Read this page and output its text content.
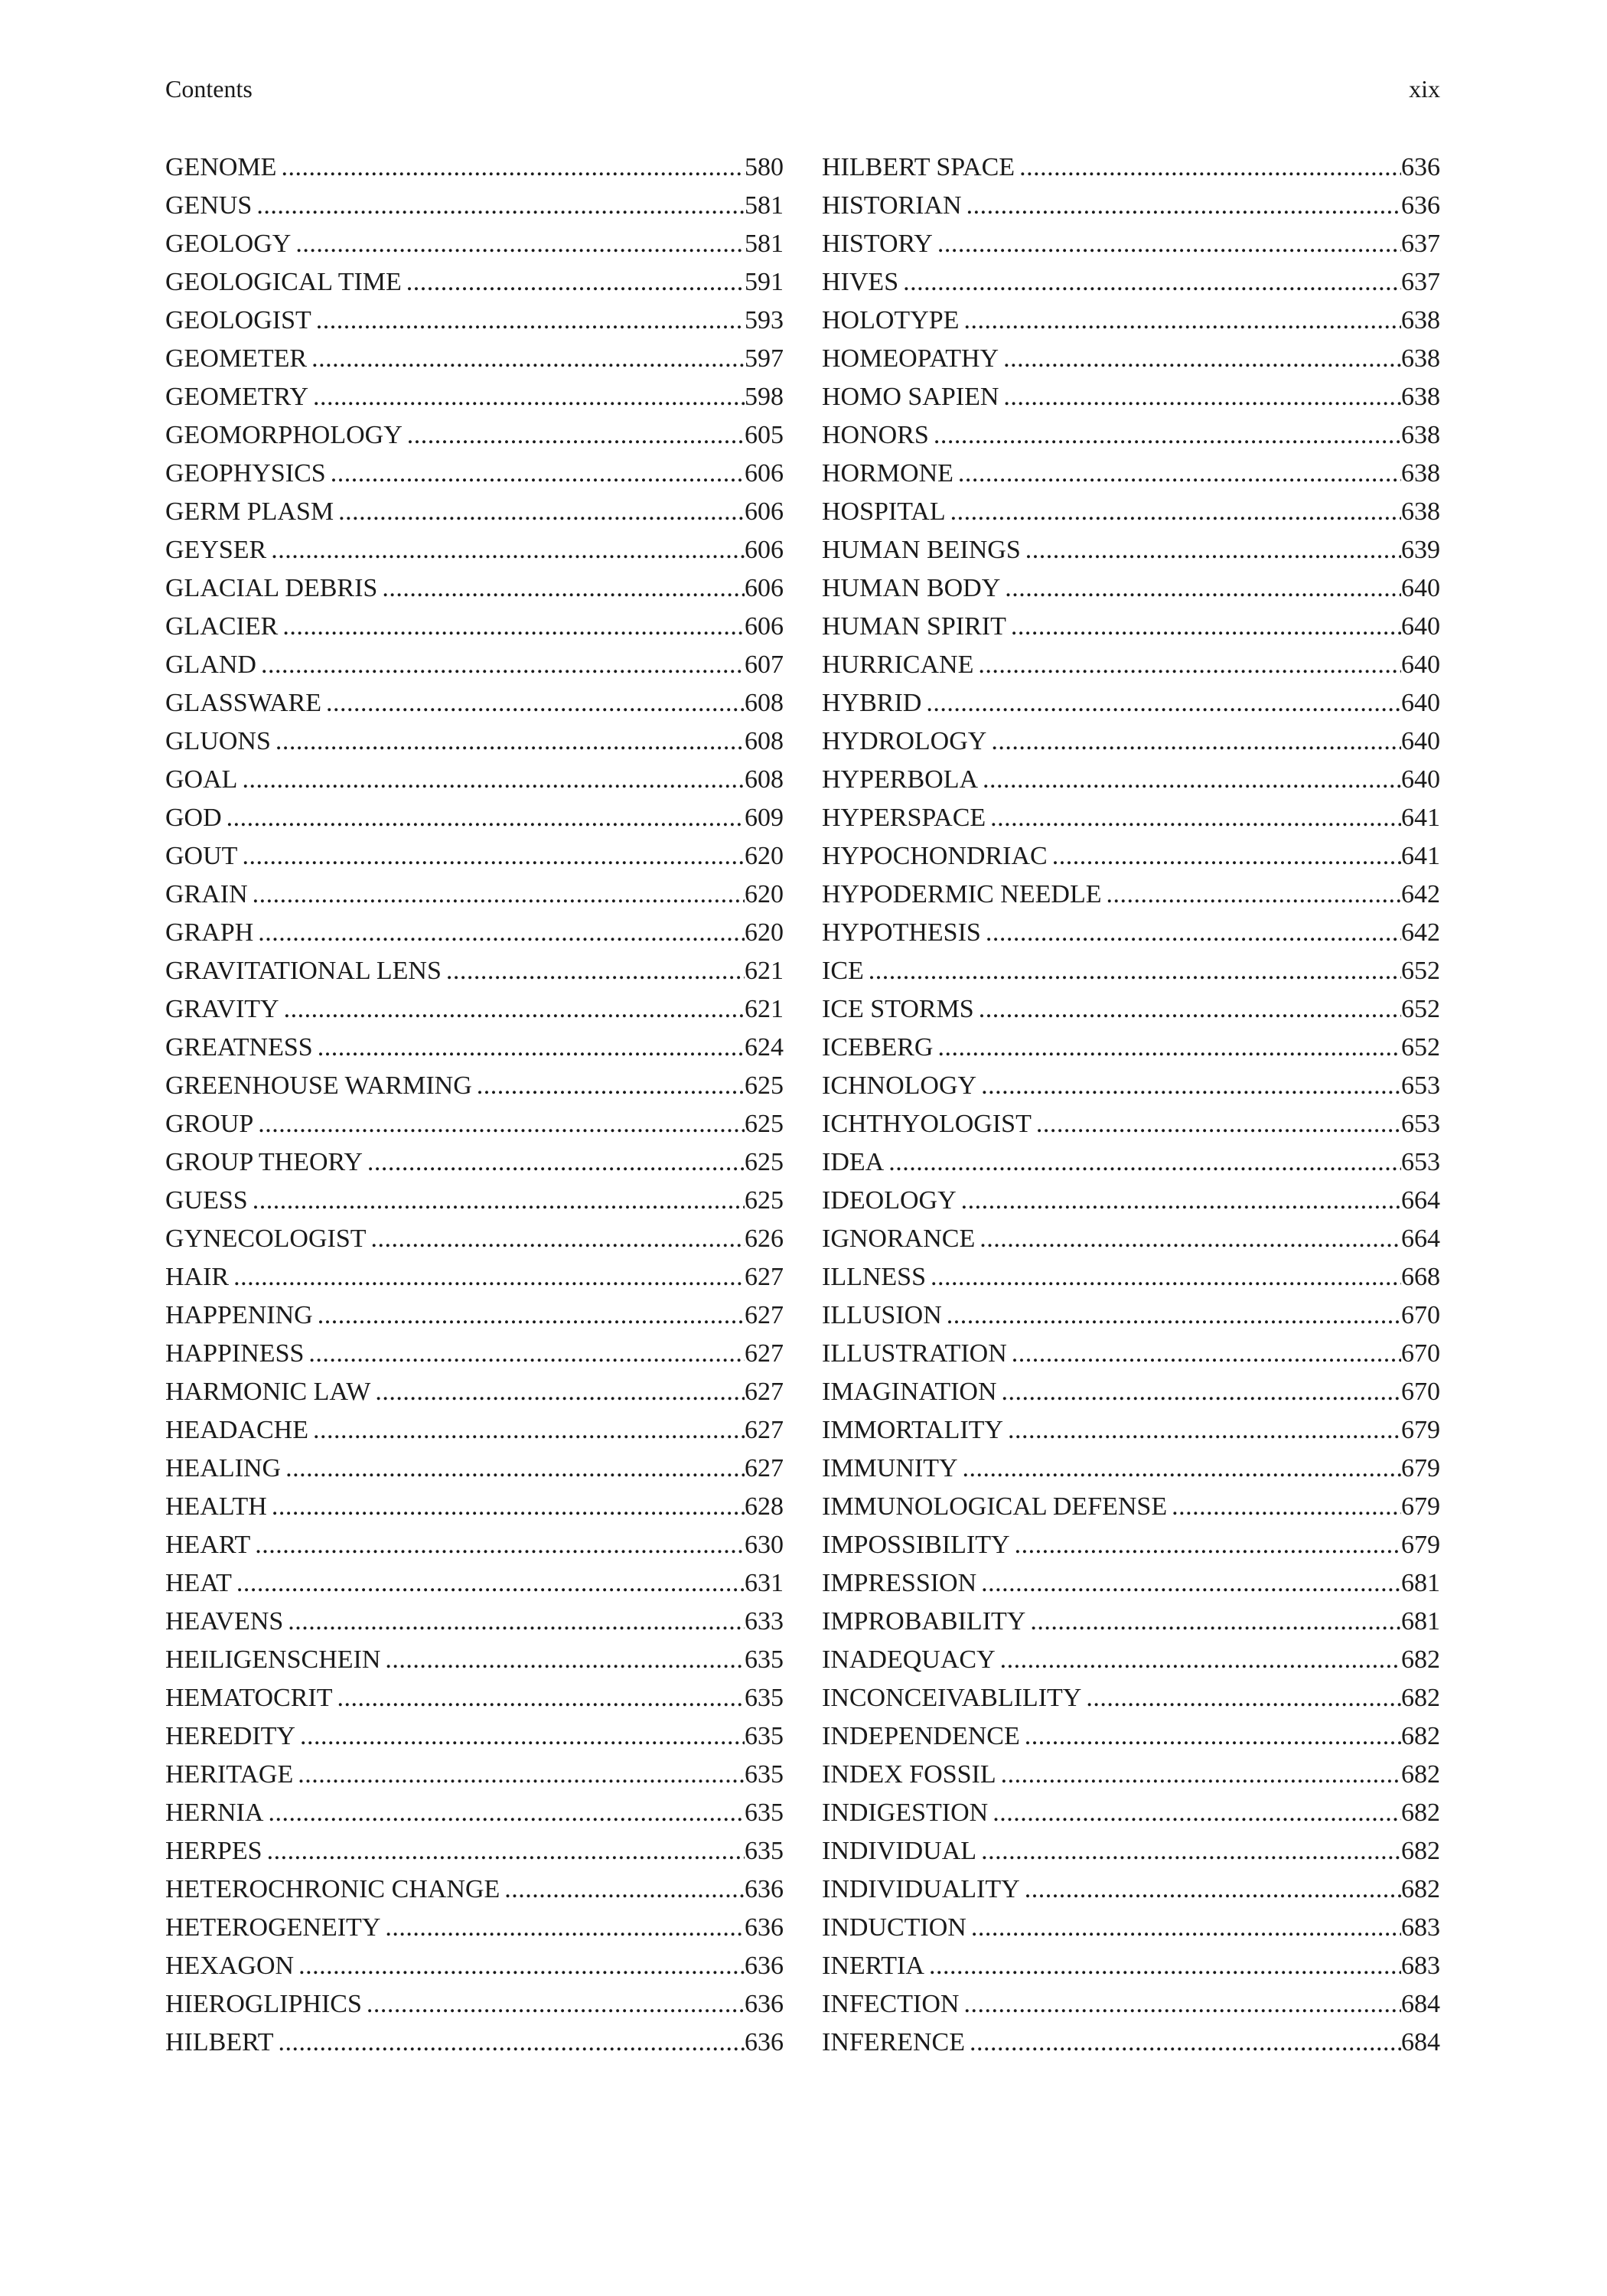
Contents	xix
GENOME . . .	580
GENUS . . .	581
GEOLOGY . . .	581
GEOLOGICAL TIME . . .	591
GEOLOGIST . . .	593
GEOMETER . . .	597
GEOMETRY . . .	598
GEOMORPHOLOGY . . .	605
GEOPHYSICS . . .	606
GERM PLASM . . .	606
GEYSER . . .	606
GLACIAL DEBRIS . . .	606
GLACIER . . .	606
GLAND . . .	607
GLASSWARE . . .	608
GLUONS . . .	608
GOAL . . .	608
GOD . . .	609
GOUT . . .	620
GRAIN . . .	620
GRAPH . . .	620
GRAVITATIONAL LENS . . .	621
GRAVITY . . .	621
GREATNESS . . .	624
GREENHOUSE WARMING . . .	625
GROUP . . .	625
GROUP THEORY . . .	625
GUESS . . .	625
GYNECOLOGIST . . .	626
HAIR . . .	627
HAPPENING . . .	627
HAPPINESS . . .	627
HARMONIC LAW . . .	627
HEADACHE . . .	627
HEALING . . .	627
HEALTH . . .	628
HEART . . .	630
HEAT . . .	631
HEAVENS . . .	633
HEILIGENSCHEIN . . .	635
HEMATOCRIT . . .	635
HEREDITY . . .	635
HERITAGE . . .	635
HERNIA . . .	635
HERPES . . .	635
HETEROCHRONIC CHANGE . . .	636
HETEROGENEITY . . .	636
HEXAGON . . .	636
HIEROGLIPHICS . . .	636
HILBERT . . .	636
HILBERT SPACE . . .	636
HISTORIAN . . .	636
HISTORY . . .	637
HIVES . . .	637
HOLOTYPE . . .	638
HOMEOPATHY . . .	638
HOMO SAPIEN . . .	638
HONORS . . .	638
HORMONE . . .	638
HOSPITAL . . .	638
HUMAN BEINGS . . .	639
HUMAN BODY . . .	640
HUMAN SPIRIT . . .	640
HURRICANE . . .	640
HYBRID . . .	640
HYDROLOGY . . .	640
HYPERBOLA . . .	640
HYPERSPACE . . .	641
HYPOCHONDRIAC . . .	641
HYPODERMIC NEEDLE . . .	642
HYPOTHESIS . . .	642
ICE . . .	652
ICE STORMS . . .	652
ICEBERG . . .	652
ICHNOLOGY . . .	653
ICHTHYOLOGIST . . .	653
IDEA . . .	653
IDEOLOGY . . .	664
IGNORANCE . . .	664
ILLNESS . . .	668
ILLUSION . . .	670
ILLUSTRATION . . .	670
IMAGINATION . . .	670
IMMORTALITY . . .	679
IMMUNITY . . .	679
IMMUNOLOGICAL DEFENSE . . .	679
IMPOSSIBILITY . . .	679
IMPRESSION . . .	681
IMPROBABILITY . . .	681
INADEQUACY . . .	682
INCONCEIVABLILITY . . .	682
INDEPENDENCE . . .	682
INDEX FOSSIL . . .	682
INDIGESTION . . .	682
INDIVIDUAL . . .	682
INDIVIDUALITY . . .	682
INDUCTION . . .	683
INERTIA . . .	683
INFECTION . . .	684
INFERENCE . . .	684
